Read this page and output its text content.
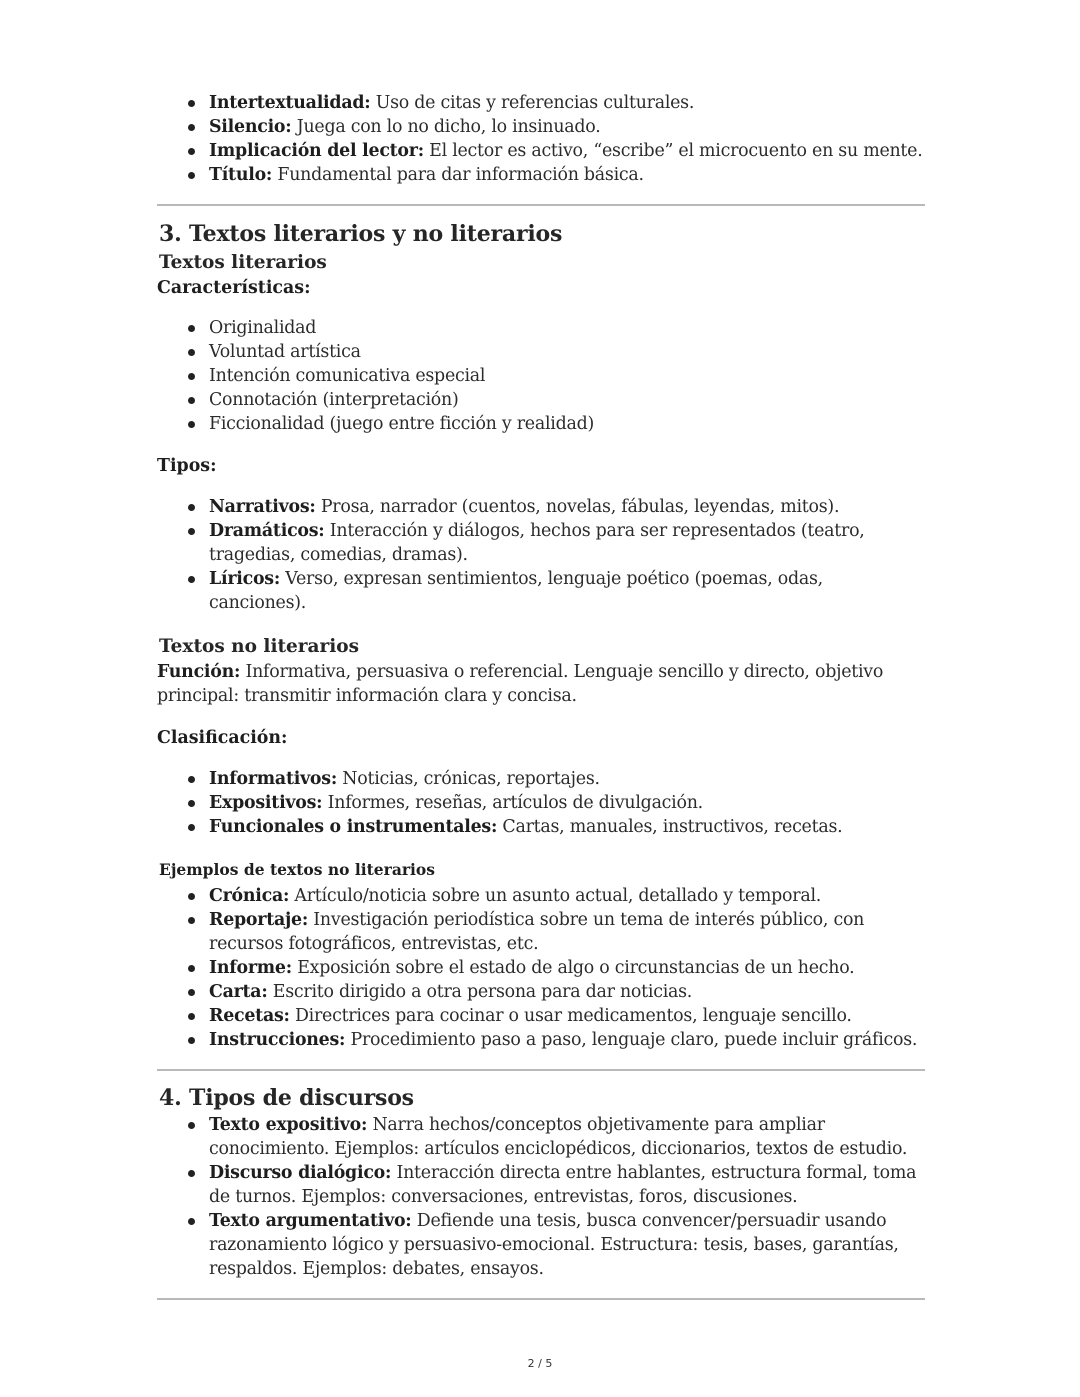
Intertextualidad: Uso de citas y referencias culturales.
Silencio: Juega con lo no dicho, lo insinuado.
Implicación del lector: El lector es activo, “escribe” el microcuento en su mente.
Título: Fundamental para dar información básica.
3. Textos literarios y no literarios
Textos literarios
Características:
Originalidad
Voluntad artística
Intención comunicativa especial
Connotación (interpretación)
Ficcionalidad (juego entre ficción y realidad)
Tipos:
Narrativos: Prosa, narrador (cuentos, novelas, fábulas, leyendas, mitos).
Dramáticos: Interacción y diálogos, hechos para ser representados (teatro, tragedias, comedias, dramas).
Líricos: Verso, expresan sentimientos, lenguaje poético (poemas, odas, canciones).
Textos no literarios

Función: Informativa, persuasiva o referencial. Lenguaje sencillo y directo, objetivo principal: transmitir información clara y concisa.

Clasificación:
Informativos: Noticias, crónicas, reportajes.
Expositivos: Informes, reseñas, artículos de divulgación.
Funcionales o instrumentales: Cartas, manuales, instructivos, recetas.
Ejemplos de textos no literarios
Crónica: Artículo/noticia sobre un asunto actual, detallado y temporal.
Reportaje: Investigación periodística sobre un tema de interés público, con recursos fotográficos, entrevistas, etc.
Informe: Exposición sobre el estado de algo o circunstancias de un hecho.
Carta: Escrito dirigido a otra persona para dar noticias.
Recetas: Directrices para cocinar o usar medicamentos, lenguaje sencillo.
Instrucciones: Procedimiento paso a paso, lenguaje claro, puede incluir gráficos.
4. Tipos de discursos
Texto expositivo: Narra hechos/conceptos objetivamente para ampliar conocimiento. Ejemplos: artículos enciclopédicos, diccionarios, textos de estudio.
Discurso dialógico: Interacción directa entre hablantes, estructura formal, toma de turnos. Ejemplos: conversaciones, entrevistas, foros, discusiones.
Texto argumentativo: Defiende una tesis, busca convencer/persuadir usando razonamiento lógico y persuasivo-emocional. Estructura: tesis, bases, garantías, respaldos. Ejemplos: debates, ensayos.
2 / 5
